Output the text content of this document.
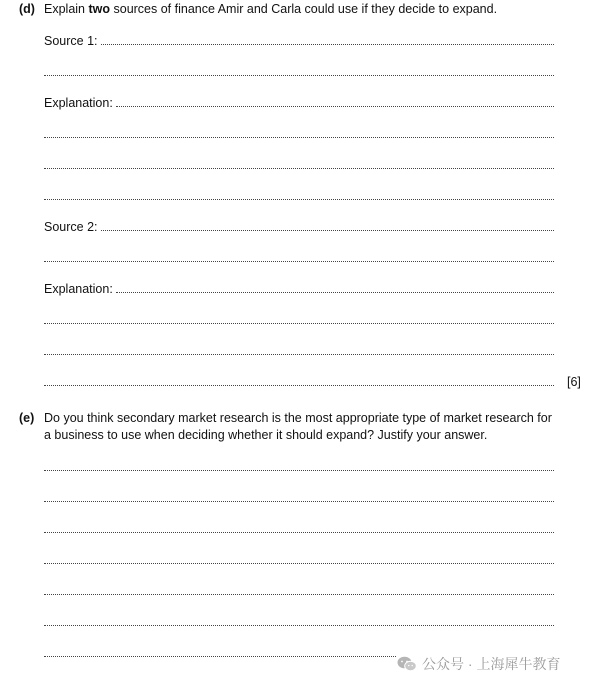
(d) Explain two sources of finance Amir and Carla could use if they decide to expand.
Source 1:
Explanation:
Source 2:
Explanation:
[6]
(e) Do you think secondary market research is the most appropriate type of market research for
a business to use when deciding whether it should expand? Justify your answer.
公众号 · 上海犀牛教育
